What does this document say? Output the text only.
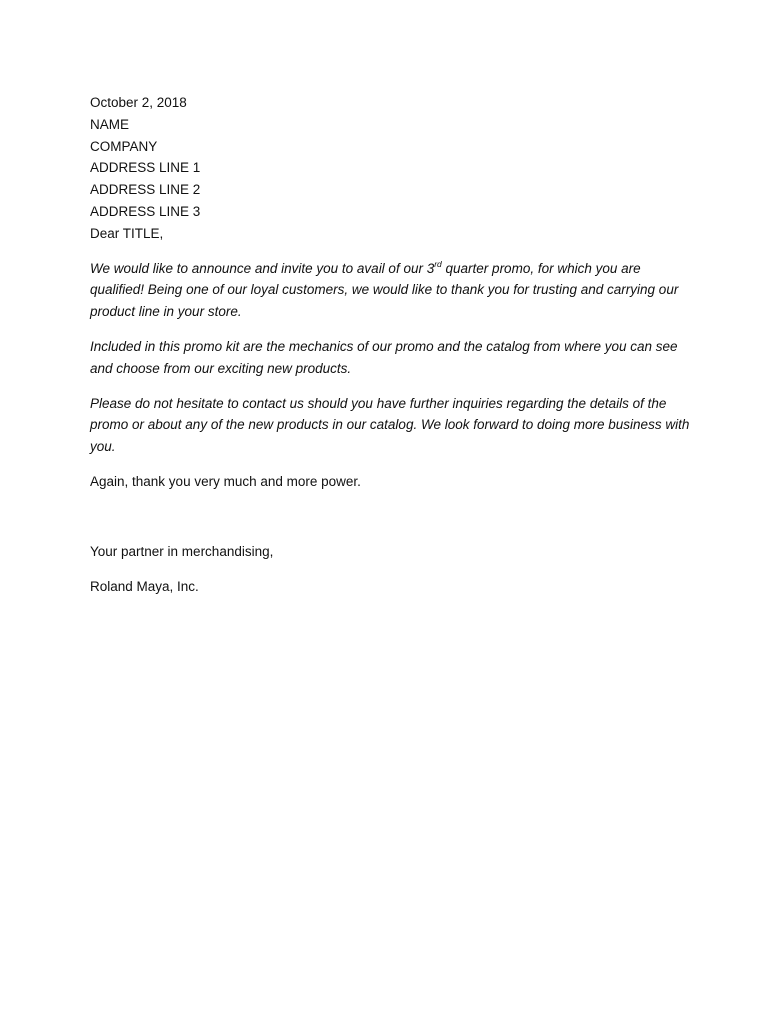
October 2, 2018
NAME
COMPANY
ADDRESS LINE 1
ADDRESS LINE 2
ADDRESS LINE 3
Dear TITLE,
We would like to announce and invite you to avail of our 3rd quarter promo, for which you are qualified! Being one of our loyal customers, we would like to thank you for trusting and carrying our product line in your store.
Included in this promo kit are the mechanics of our promo and the catalog from where you can see and choose from our exciting new products.
Please do not hesitate to contact us should you have further inquiries regarding the details of the promo or about any of the new products in our catalog. We look forward to doing more business with you.
Again, thank you very much and more power.
Your partner in merchandising,
Roland Maya, Inc.
